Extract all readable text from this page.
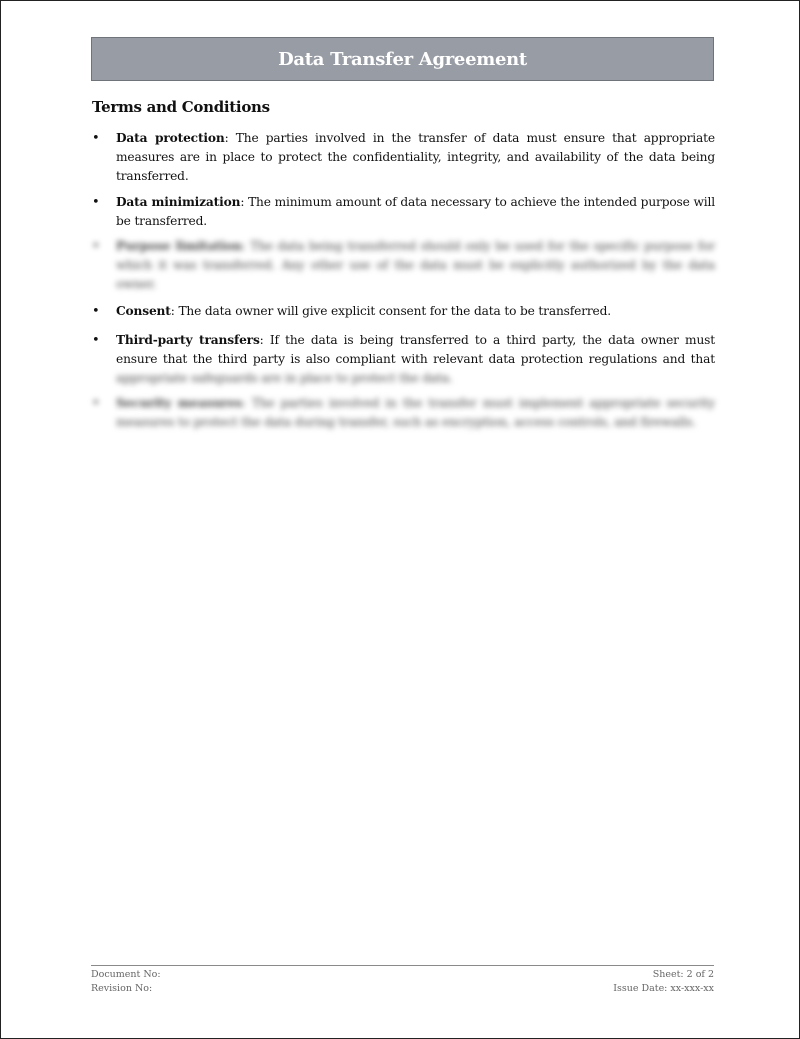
Data Transfer Agreement
Terms and Conditions
• Data protection: The parties involved in the transfer of data must ensure that appropriate measures are in place to protect the confidentiality, integrity, and availability of the data being transferred.
• Data minimization: The minimum amount of data necessary to achieve the intended purpose will be transferred.
• Purpose limitation: The data being transferred should only be used for the specific purpose for which it was transferred. Any other use of the data must be explicitly authorized by the data owner.
• Consent: The data owner will give explicit consent for the data to be transferred.
• Third-party transfers: If the data is being transferred to a third party, the data owner must ensure that the third party is also compliant with relevant data protection regulations and that appropriate safeguards are in place to protect the data.
• Security measures: The parties involved in the transfer must implement appropriate security measures to protect the data during transfer, such as encryption, access controls, and firewalls.
Document No:	Sheet: 2 of 2
Revision No:	Issue Date: xx-xxx-xx
